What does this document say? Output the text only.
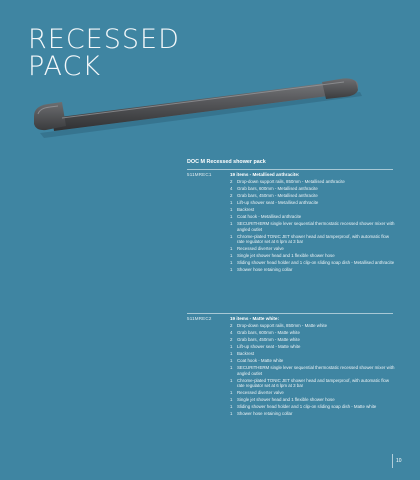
RECESSED
PACK
DOC M Recessed shower pack
511MREC1	19 items - Metallised anthracite:
2 Drop-down support rails, 850mm - Metallised anthracite
4 Grab bars, 600mm - Metallised anthracite
2 Grab bars, 450mm - Metallised anthracite
1 Lift-up shower seat - Metallised anthracite
1 Backrest
1 Coat hook - Metallised anthracite
1 SECURITHERM single lever sequential thermostatic recessed shower mixer with angled outlet
1 Chrome-plated TONIC JET shower head and tamperproof, with automatic flow rate regulator set at 6 lpm at 3 bar
1 Recessed diverter valve
1 Single jet shower head and 1 flexible shower hose
1 Sliding shower head holder and 1 clip-on sliding soap dish - Metallised anthracite
1 Shower hose retaining collar
511MREC2	19 items - Matte white:
2 Drop-down support rails, 850mm - Matte white
4 Grab bars, 600mm - Matte white
2 Grab bars, 450mm - Matte white
1 Lift-up shower seat - Matte white
1 Backrest
1 Coat hook - Matte white
1 SECURITHERM single lever sequential thermostatic recessed shower mixer with angled outlet
1 Chrome-plated TONIC JET shower head and tamperproof, with automatic flow rate regulator set at 6 lpm at 3 bar
1 Recessed diverter valve
1 Single jet shower head and 1 flexible shower hose
1 Sliding shower head holder and 1 clip-on sliding soap dish - Matte white
1 Shower hose retaining collar
10
